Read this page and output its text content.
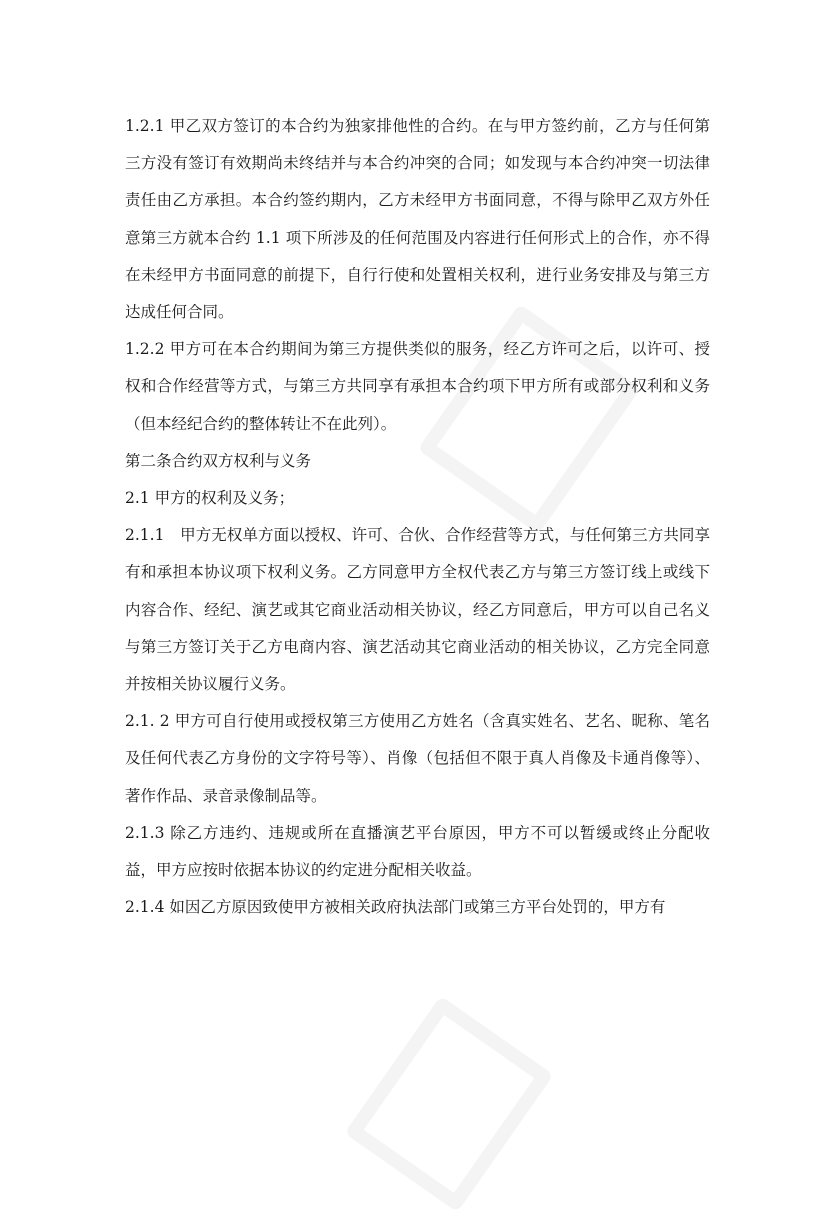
1.2.1 甲乙双方签订的本合约为独家排他性的合约。在与甲方签约前，乙方与任何第三方没有签订有效期尚未终结并与本合约冲突的合同；如发现与本合约冲突一切法律责任由乙方承担。本合约签约期内，乙方未经甲方书面同意，不得与除甲乙双方外任意第三方就本合约 1.1 项下所涉及的任何范围及内容进行任何形式上的合作，亦不得在未经甲方书面同意的前提下，自行行使和处置相关权利，进行业务安排及与第三方达成任何合同。

1.2.2 甲方可在本合约期间为第三方提供类似的服务，经乙方许可之后，以许可、授权和合作经营等方式，与第三方共同享有承担本合约项下甲方所有或部分权利和义务（但本经纪合约的整体转让不在此列）。

第二条合约双方权利与义务

2.1 甲方的权利及义务；

2.1.1　甲方无权单方面以授权、许可、合伙、合作经营等方式，与任何第三方共同享有和承担本协议项下权利义务。乙方同意甲方全权代表乙方与第三方签订线上或线下内容合作、经纪、演艺或其它商业活动相关协议，经乙方同意后，甲方可以自己名义与第三方签订关于乙方电商内容、演艺活动其它商业活动的相关协议，乙方完全同意并按相关协议履行义务。

2.1. 2 甲方可自行使用或授权第三方使用乙方姓名（含真实姓名、艺名、昵称、笔名及任何代表乙方身份的文字符号等）、肖像（包括但不限于真人肖像及卡通肖像等）、著作作品、录音录像制品等。

2.1.3 除乙方违约、违规或所在直播演艺平台原因，甲方不可以暂缓或终止分配收益，甲方应按时依据本协议的约定进分配相关收益。

2.1.4 如因乙方原因致使甲方被相关政府执法部门或第三方平台处罚的，甲方有
